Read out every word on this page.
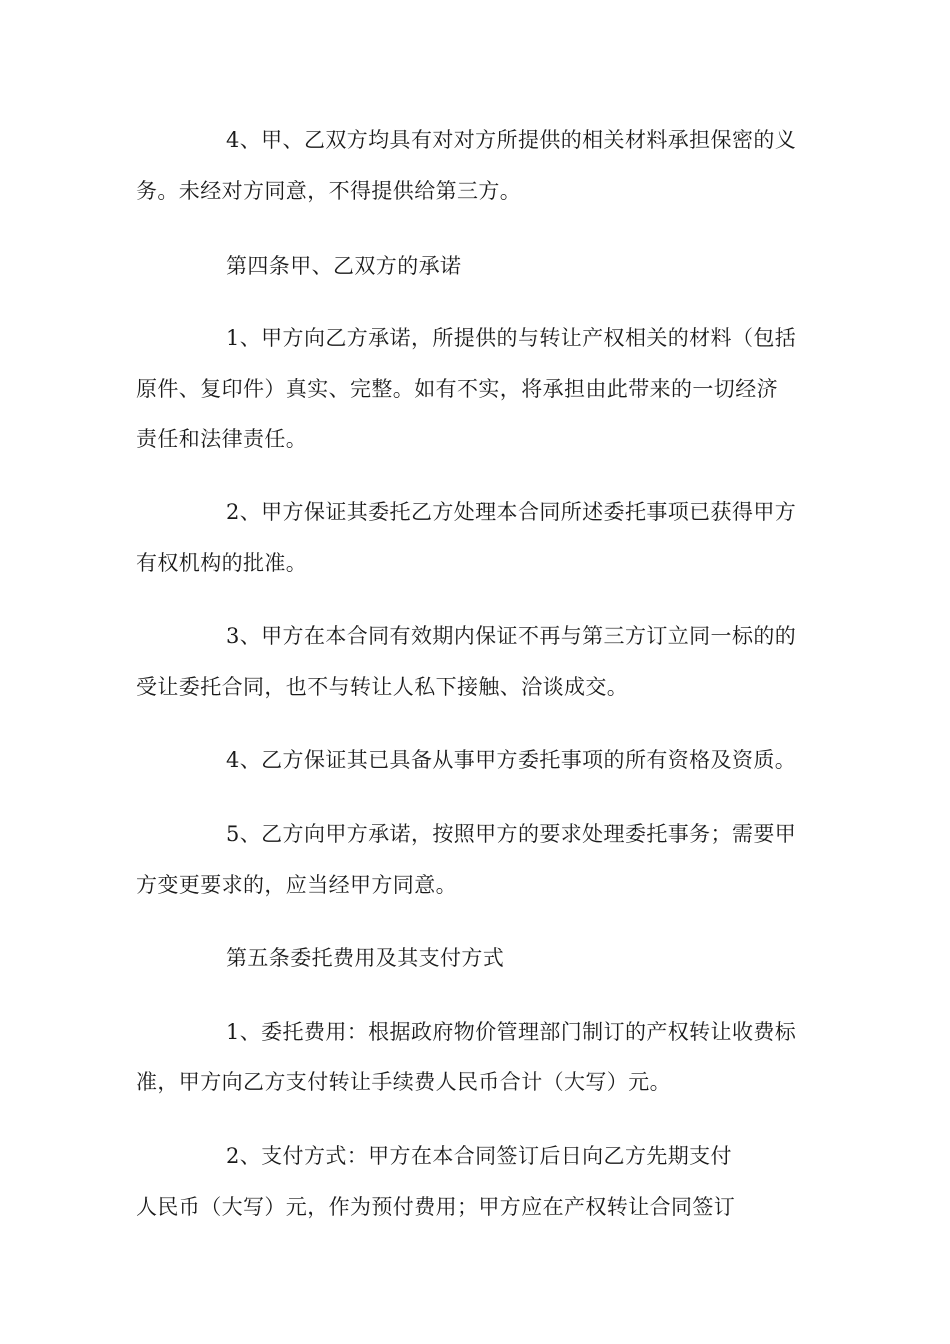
4、甲、乙双方均具有对对方所提供的相关材料承担保密的义
务。未经对方同意，不得提供给第三方。
第四条甲、乙双方的承诺
1、甲方向乙方承诺，所提供的与转让产权相关的材料（包括
原件、复印件）真实、完整。如有不实，将承担由此带来的一切经济
责任和法律责任。
2、甲方保证其委托乙方处理本合同所述委托事项已获得甲方
有权机构的批准。
3、甲方在本合同有效期内保证不再与第三方订立同一标的的
受让委托合同，也不与转让人私下接触、洽谈成交。
4、乙方保证其已具备从事甲方委托事项的所有资格及资质。
5、乙方向甲方承诺，按照甲方的要求处理委托事务；需要甲
方变更要求的，应当经甲方同意。
第五条委托费用及其支付方式
1、委托费用：根据政府物价管理部门制订的产权转让收费标
准，甲方向乙方支付转让手续费人民币合计（大写）元。
2、支付方式：甲方在本合同签订后日向乙方先期支付
人民币（大写）元，作为预付费用；甲方应在产权转让合同签订
